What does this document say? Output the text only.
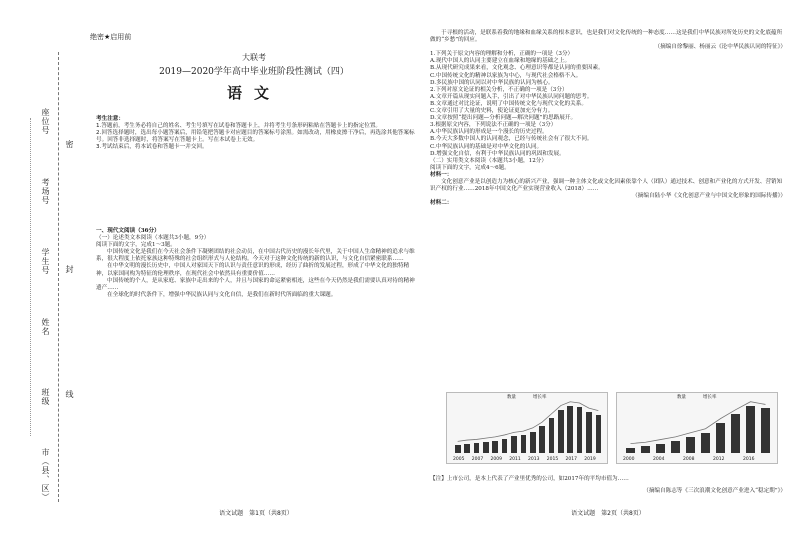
座位号
考场号
学生号
姓名
班级
市（县、区）
密
封
线
绝密★启用前
大联考
2019—2020学年高中毕业班阶段性测试（四）
语文
考生注意：
1.答题前，考生务必将自己的姓名、考生号填写在试卷和答题卡上，并将考生号条形码粘贴在答题卡上的指定位置。
2.回答选择题时，选出每小题答案后，用铅笔把答题卡对应题目的答案标号涂黑。如需改动，用橡皮擦干净后，再选涂其他答案标号。回答非选择题时，将答案写在答题卡上。写在本试卷上无效。
3.考试结束后，将本试卷和答题卡一并交回。
一、现代文阅读（36分）
（一）论述类文本阅读（本题共3小题，9分）
阅读下面的文字，完成1～3题。

中国传统文化是我们在今天社会条件下凝聚团结的社会动员，在中国古代历史的漫长年代里，关于中国人生命精神的追求与维系，很大程度上依托家族这种特殊的社会组织形式与人伦结构。今天对于这种文化传统的新的认识，与文化自信紧密联系……

在中华文明的漫长历史中，中国人对家国天下的认识与责任意识的形成，经历了曲折的发展过程，形成了中华文化的独特精神，以家国同构为特征的伦理秩序，在现代社会中依然具有重要价值……

中国传统的个人，是从家庭、家族中走出来的个人，并且与国家的命运紧密相连，这些在今天仍然是我们需要认真对待的精神遗产……

在全球化的时代条件下，增强中华民族认同与文化自信，是我们在新时代所面临的重大课题。

语文试题　第1页（共8页）

于寻根的活动，是联系着我的地缘和血缘关系的根本意识，也是我们对文化传统的一种态度……这是我们中华民族对所处历史的文化底蕴所做的“乡愁”的回应。

（摘编自徐黎丽、杨丽云《论中华民族认同的特征》）

1.下列关于原文内容的理解和分析，正确的一项是（3分）

A.现代中国人的认同主要建立在血缘和地缘的基础之上。

B.从现代研究成果来看，文化观念、心理意识等都是认同的重要因素。

C.中国传统文化的精神以家族为中心，与现代社会格格不入。

D.多民族中国的认同以对中华民族的认同为核心。

2.下列对原文论证的相关分析，不正确的一项是（3分）

A.文章开篇从现实问题入手，引出了对中华民族认同问题的思考。

B.文章通过对比论证，说明了中国传统文化与现代文化的关系。

C.文章引用了大量的史料，使论证更加充分有力。

D.文章按照“提出问题—分析问题—解决问题”的思路展开。

3.根据原文内容，下列说法不正确的一项是（3分）

A.中华民族认同的形成是一个漫长的历史过程。

B.今天大多数中国人的认同观念，已经与传统社会有了很大不同。

C.中华民族认同的基础是对中华文化的认同。

D.增强文化自信，有利于中华民族认同的巩固和发展。

（二）实用类文本阅读（本题共3小题，12分）
阅读下面的文字，完成4～6题。
材料一：

文化创意产业是以创造力为核心的新兴产业，强调一种主体文化或文化因素依靠个人（团队）通过技术、创意和产业化的方式开发、营销知识产权的行业……2018年中国文化产业实现营业收入（2018）……

（摘编自陆小华《文化创意产业与中国文化形象的国际传播》）
材料二：
数量	增长率
2005 2007 2009 2011 2013 2015 2017 2019
数量	增长率
2000	2004	2008	2012	2016

【注】上市公司，是本上代表了产业里优秀的公司，如2017年的平均市值为……

（摘编自陈志等《三次浪潮文化创意产业进入“稳定期”》）
语文试题　第2页（共8页）
